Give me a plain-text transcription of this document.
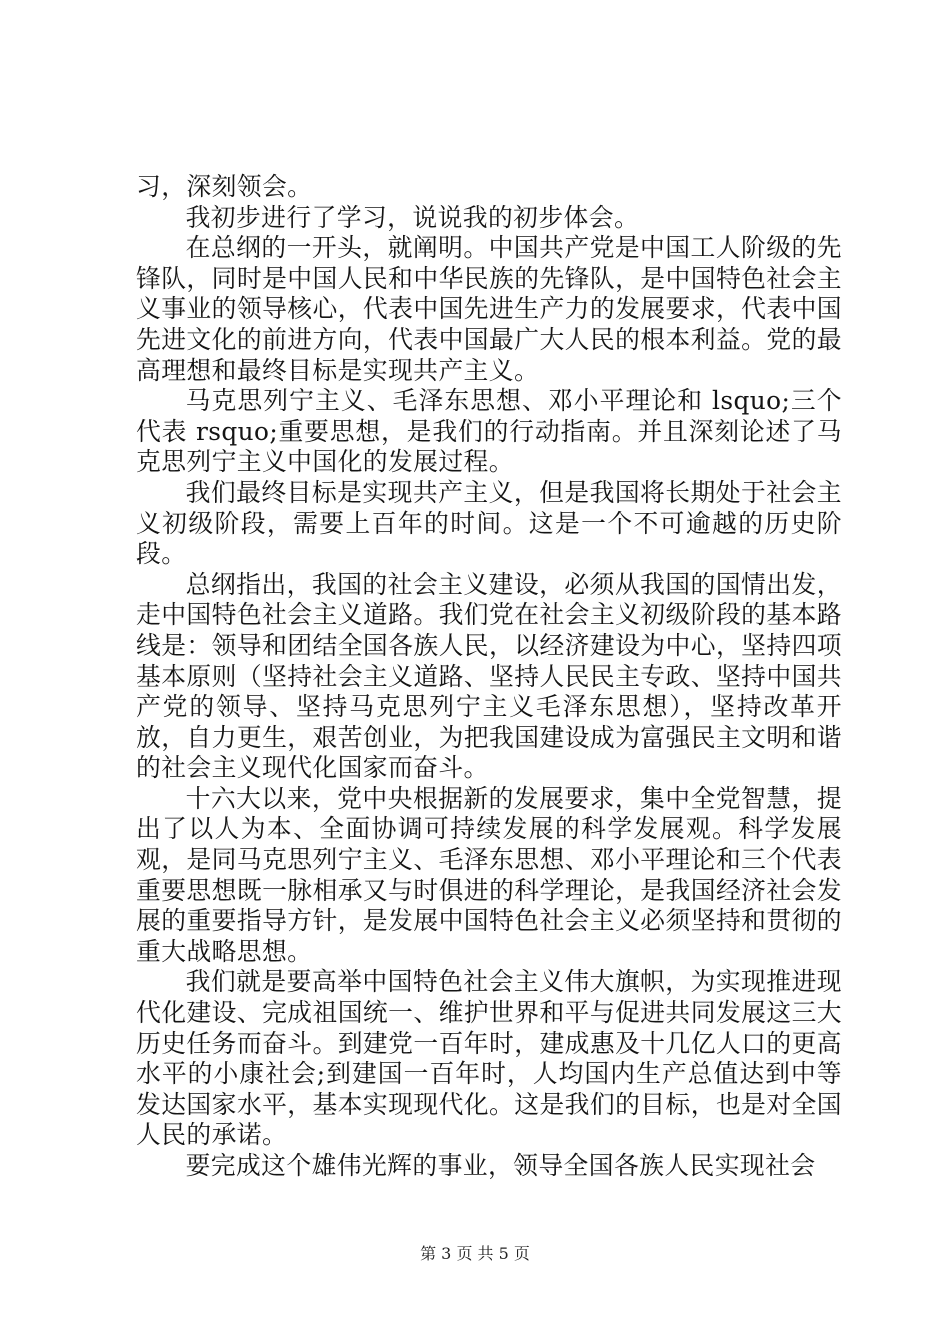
习，深刻领会。

我初步进行了学习，说说我的初步体会。

在总纲的一开头，就阐明。中国共产党是中国工人阶级的先锋队，同时是中国人民和中华民族的先锋队，是中国特色社会主义事业的领导核心，代表中国先进生产力的发展要求，代表中国先进文化的前进方向，代表中国最广大人民的根本利益。党的最高理想和最终目标是实现共产主义。

马克思列宁主义、毛泽东思想、邓小平理论和 lsquo;三个代表 rsquo;重要思想，是我们的行动指南。并且深刻论述了马克思列宁主义中国化的发展过程。

我们最终目标是实现共产主义，但是我国将长期处于社会主义初级阶段，需要上百年的时间。这是一个不可逾越的历史阶段。

总纲指出，我国的社会主义建设，必须从我国的国情出发，走中国特色社会主义道路。我们党在社会主义初级阶段的基本路线是：领导和团结全国各族人民，以经济建设为中心，坚持四项基本原则（坚持社会主义道路、坚持人民民主专政、坚持中国共产党的领导、坚持马克思列宁主义毛泽东思想），坚持改革开放，自力更生，艰苦创业，为把我国建设成为富强民主文明和谐的社会主义现代化国家而奋斗。

十六大以来，党中央根据新的发展要求，集中全党智慧，提出了以人为本、全面协调可持续发展的科学发展观。科学发展观，是同马克思列宁主义、毛泽东思想、邓小平理论和三个代表重要思想既一脉相承又与时俱进的科学理论，是我国经济社会发展的重要指导方针，是发展中国特色社会主义必须坚持和贯彻的重大战略思想。

我们就是要高举中国特色社会主义伟大旗帜，为实现推进现代化建设、完成祖国统一、维护世界和平与促进共同发展这三大历史任务而奋斗。到建党一百年时，建成惠及十几亿人口的更高水平的小康社会;到建国一百年时，人均国内生产总值达到中等发达国家水平，基本实现现代化。这是我们的目标，也是对全国人民的承诺。

要完成这个雄伟光辉的事业，领导全国各族人民实现社会

第 3 页 共 5 页
